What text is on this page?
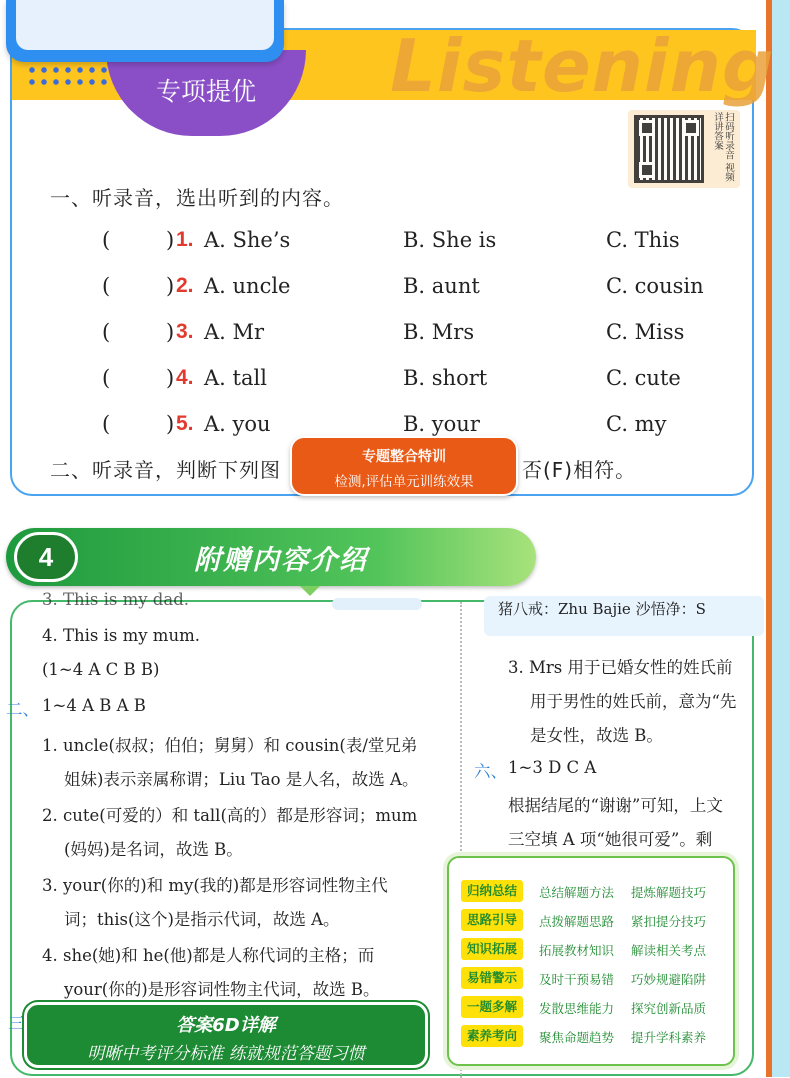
Listening
专项提优
扫码听录音 视频详讲答案
一、听录音，选出听到的内容。
(	) 1. A. She’s	B. She is	C. This
(	) 2. A. uncle	B. aunt	C. cousin
(	) 3. A. Mr	B. Mrs	C. Miss
(	) 4. A. tall	B. short	C. cute
(	) 5. A. you	B. your	C. my
二、听录音，判断下列图	否(F)相符。
专题整合特训
检测,评估单元训练效果
4	附赠内容介绍
3. This is my dad.
4. This is my mum.
(1~4 A C B B)
二、 1~4 A B A B
1. uncle(叔叔；伯伯；舅舅）和 cousin(表/堂兄弟
姐妹)表示亲属称谓；Liu Tao 是人名，故选 A。
2. cute(可爱的）和 tall(高的）都是形容词；mum
(妈妈)是名词，故选 B。
3. your(你的)和 my(我的)都是形容词性物主代
词；this(这个)是指示代词，故选 A。
4. she(她)和 he(他)都是人称代词的主格；而
your(你的)是形容词性物主代词，故选 B。
三
猪八戒：Zhu Bajie 沙悟净：S
3. Mrs 用于已婚女性的姓氏前
用于男性的姓氏前，意为“先
是女性，故选 B。
六、 1~3 D C A
根据结尾的“谢谢”可知，上文
三空填 A 项“她很可爱”。剩
归纳总结	总结解题方法 提炼解题技巧
思路引导	点拨解题思路 紧扣提分技巧
知识拓展	拓展教材知识 解读相关考点
易错警示	及时干预易错 巧妙规避陷阱
一题多解	发散思维能力 探究创新品质
素养考向	聚焦命题趋势 提升学科素养
答案6D详解
明晰中考评分标准 练就规范答题习惯
